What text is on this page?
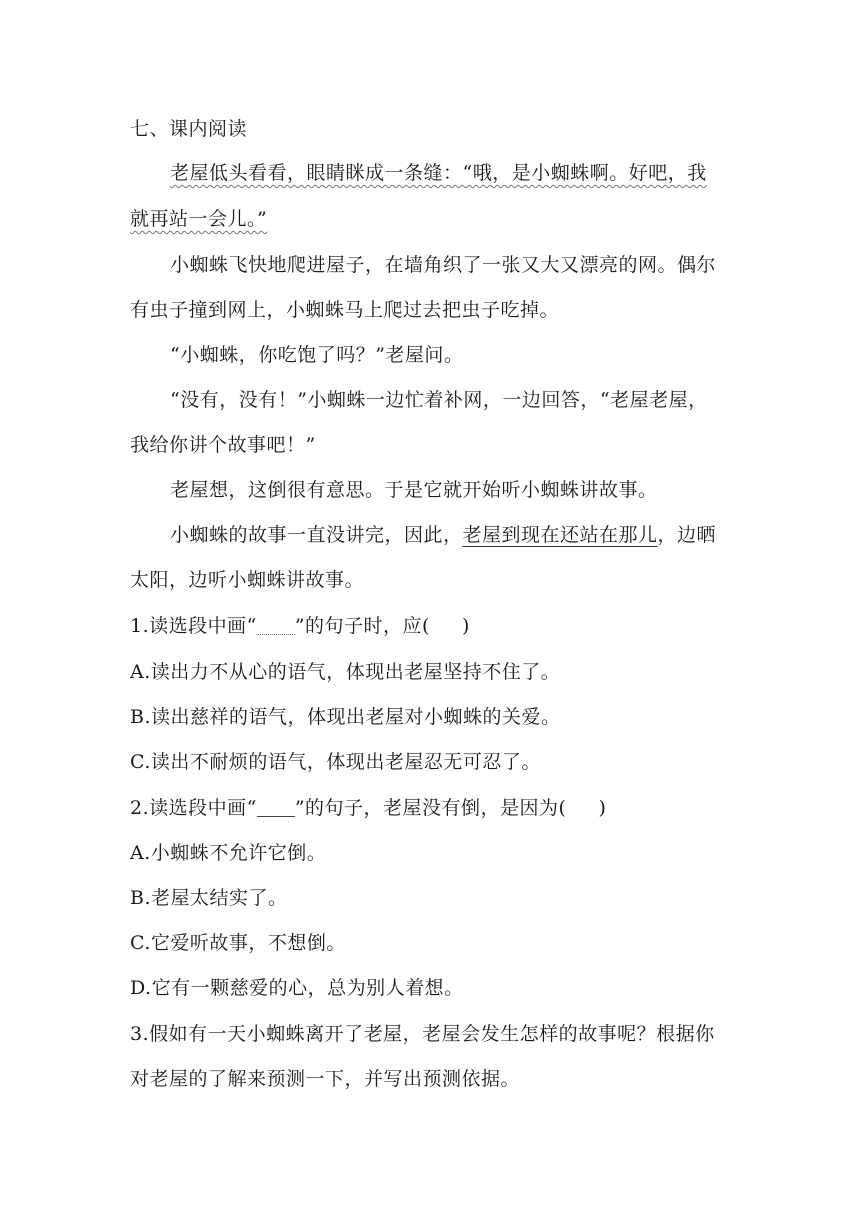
七、课内阅读
老屋低头看看，眼睛眯成一条缝：“哦，是小蜘蛛啊。好吧，我
就再站一会儿。”
小蜘蛛飞快地爬进屋子，在墙角织了一张又大又漂亮的网。偶尔
有虫子撞到网上，小蜘蛛马上爬过去把虫子吃掉。
“小蜘蛛，你吃饱了吗？”老屋问。
“没有，没有！”小蜘蛛一边忙着补网，一边回答，“老屋老屋，
我给你讲个故事吧！”
老屋想，这倒很有意思。于是它就开始听小蜘蛛讲故事。
小蜘蛛的故事一直没讲完，因此，老屋到现在还站在那儿，边晒
太阳，边听小蜘蛛讲故事。
1.读选段中画“ ”的句子时，应( )
A.读出力不从心的语气，体现出老屋坚持不住了。
B.读出慈祥的语气，体现出老屋对小蜘蛛的关爱。
C.读出不耐烦的语气，体现出老屋忍无可忍了。
2.读选段中画“ ”的句子，老屋没有倒，是因为( )
A.小蜘蛛不允许它倒。
B.老屋太结实了。
C.它爱听故事，不想倒。
D.它有一颗慈爱的心，总为别人着想。
3.假如有一天小蜘蛛离开了老屋，老屋会发生怎样的故事呢？根据你
对老屋的了解来预测一下，并写出预测依据。
